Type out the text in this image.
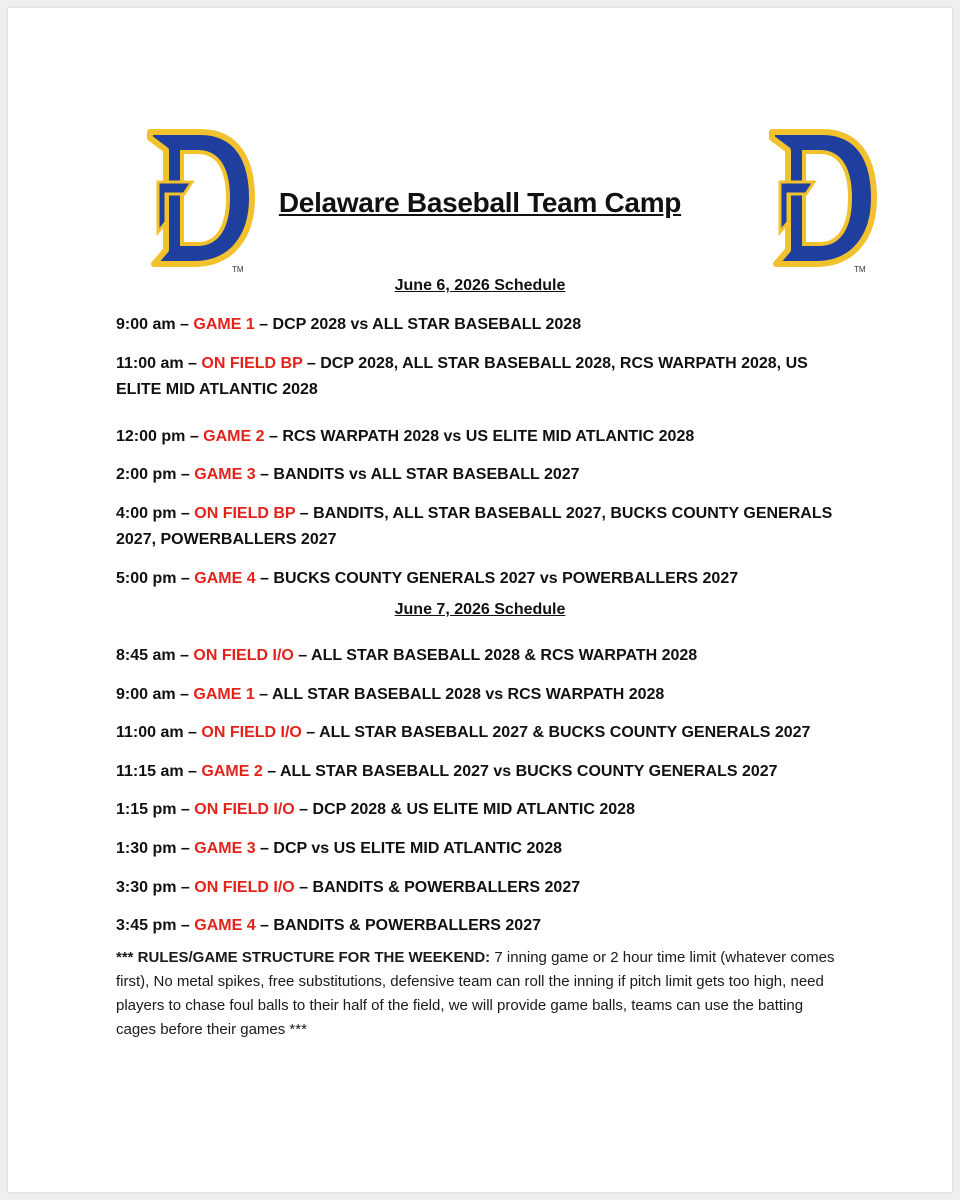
TM	TM
Delaware Baseball Team Camp
June 6, 2026 Schedule
9:00 am – GAME 1 – DCP 2028 vs ALL STAR BASEBALL 2028
11:00 am – ON FIELD BP – DCP 2028, ALL STAR BASEBALL 2028, RCS WARPATH 2028, US ELITE MID ATLANTIC 2028
12:00 pm – GAME 2 – RCS WARPATH 2028 vs US ELITE MID ATLANTIC 2028
2:00 pm – GAME 3 – BANDITS vs ALL STAR BASEBALL 2027
4:00 pm – ON FIELD BP – BANDITS, ALL STAR BASEBALL 2027, BUCKS COUNTY GENERALS 2027, POWERBALLERS 2027
5:00 pm – GAME 4 – BUCKS COUNTY GENERALS 2027 vs POWERBALLERS 2027
June 7, 2026 Schedule
8:45 am – ON FIELD I/O – ALL STAR BASEBALL 2028 & RCS WARPATH 2028
9:00 am – GAME 1 – ALL STAR BASEBALL 2028 vs RCS WARPATH 2028
11:00 am – ON FIELD I/O – ALL STAR BASEBALL 2027 & BUCKS COUNTY GENERALS 2027
11:15 am – GAME 2 – ALL STAR BASEBALL 2027 vs BUCKS COUNTY GENERALS 2027
1:15 pm – ON FIELD I/O – DCP 2028 & US ELITE MID ATLANTIC 2028
1:30 pm – GAME 3 – DCP vs US ELITE MID ATLANTIC 2028
3:30 pm – ON FIELD I/O – BANDITS & POWERBALLERS 2027
3:45 pm – GAME 4 – BANDITS & POWERBALLERS 2027
*** RULES/GAME STRUCTURE FOR THE WEEKEND: 7 inning game or 2 hour time limit (whatever comes first), No metal spikes, free substitutions, defensive team can roll the inning if pitch limit gets too high, need players to chase foul balls to their half of the field, we will provide game balls, teams can use the batting cages before their games ***
